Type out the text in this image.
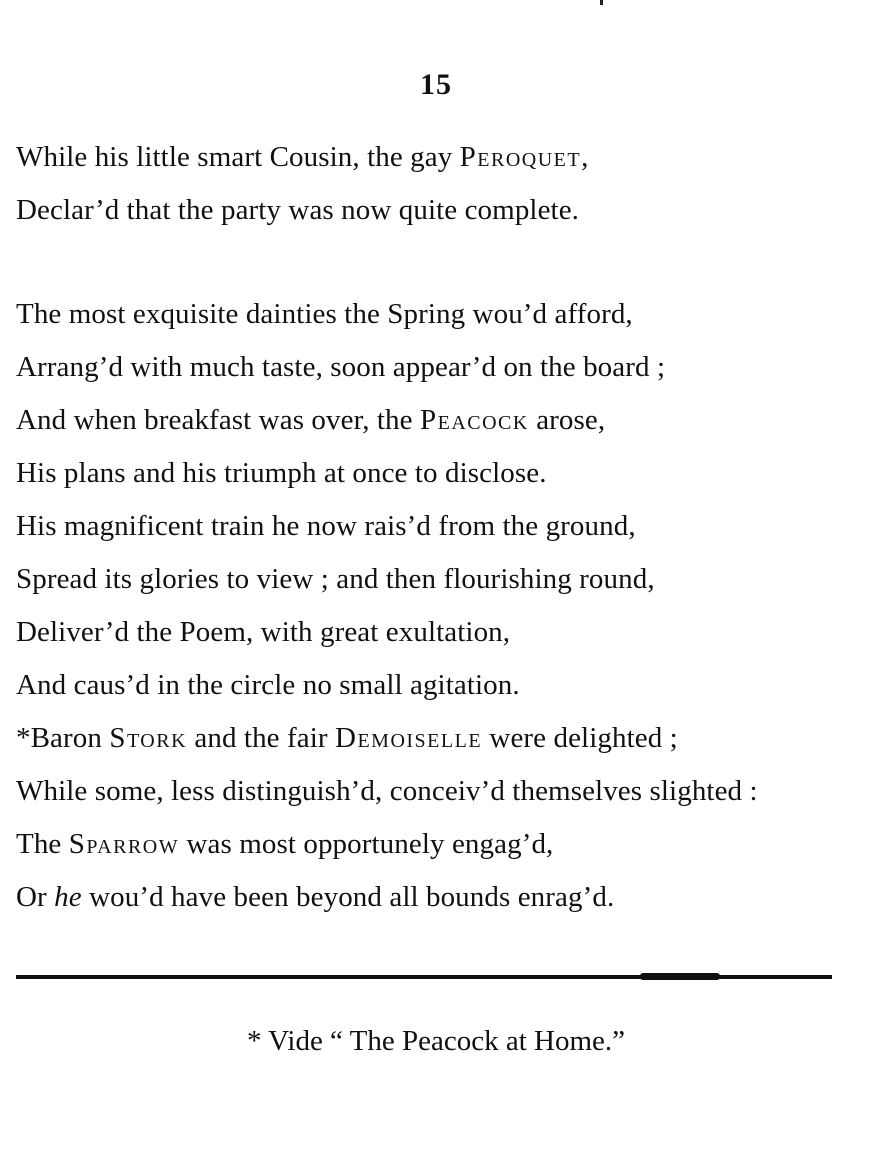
15
While his little smart Cousin, the gay Peroquet,
Declar’d that the party was now quite complete.
The most exquisite dainties the Spring wou’d afford,
Arrang’d with much taste, soon appear’d on the board ;
And when breakfast was over, the Peacock arose,
His plans and his triumph at once to disclose.
His magnificent train he now rais’d from the ground,
Spread its glories to view ; and then flourishing round,
Deliver’d the Poem, with great exultation,
And caus’d in the circle no small agitation.
*Baron Stork and the fair Demoiselle were delighted ;
While some, less distinguish’d, conceiv’d themselves slighted :
The Sparrow was most opportunely engag’d,
Or he wou’d have been beyond all bounds enrag’d.
* Vide “ The Peacock at Home.”
